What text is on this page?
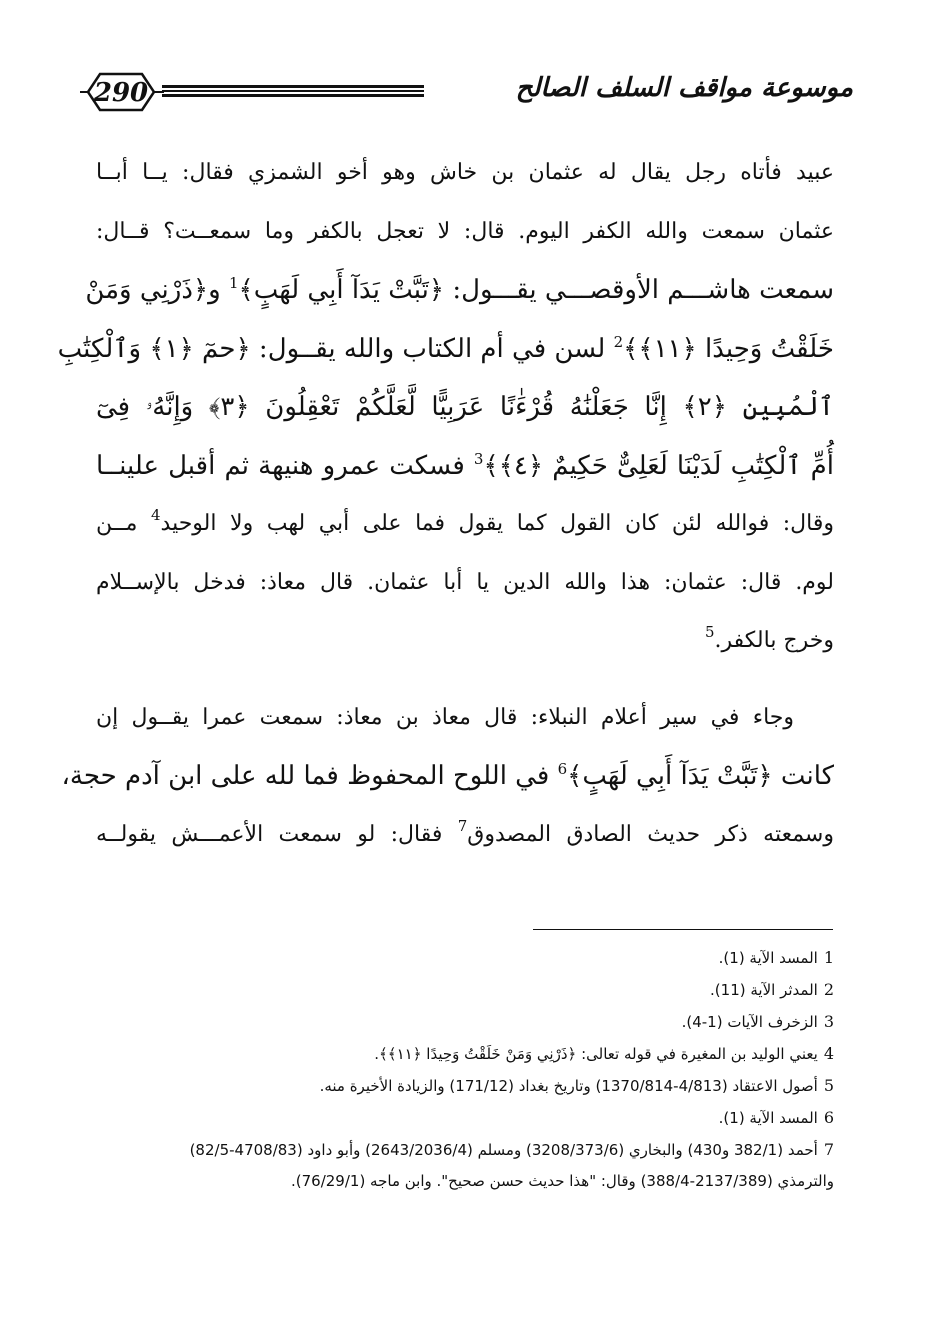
290	موسوعة مواقف السلف الصالح
عبيد فأتاه رجل يقال له عثمان بن خاش وهو أخو الشمزي فقال: يــا أبــا
عثمان سمعت والله الكفر اليوم. قال: لا تعجل بالكفر وما سمعــت؟ قــال:
سمعت هاشـــم الأوقصـــي يقـــول: ﴿تَبَّتْ يَدَآ أَبِي لَهَبٍ﴾$^1$ و﴿ذَرْنِي وَمَنْ
خَلَقْتُ وَحِيدًا ﴿١١﴾﴾$^2$ لسن في أم الكتاب والله يقــول: ﴿حمٓ ﴿١﴾ وَٱلْكِتَٰبِ
ٱلْمُبِينِ ﴿٢﴾ إِنَّا جَعَلْنَٰهُ قُرْءَٰنًا عَرَبِيًّا لَّعَلَّكُمْ تَعْقِلُونَ ﴿٣﴾ وَإِنَّهُۥ فِىٓ
أُمِّ ٱلْكِتَٰبِ لَدَيْنَا لَعَلِىٌّ حَكِيمٌ ﴿٤﴾﴾$^3$ فسكت عمرو هنيهة ثم أقبل علينــا
وقال: فوالله لئن كان القول كما يقول فما على أبي لهب ولا الوحيد$^4$ مــن
لوم. قال: عثمان: هذا والله الدين يا أبا عثمان. قال معاذ: فدخل بالإســلام
وخرج بالكفر.$^5$
وجاء في سير أعلام النبلاء: قال معاذ بن معاذ: سمعت عمرا يقــول إن
كانت ﴿تَبَّتْ يَدَآ أَبِي لَهَبٍ﴾$^6$ في اللوح المحفوظ فما لله على ابن آدم حجة،
وسمعته ذكر حديث الصادق المصدوق$^7$ فقال: لو سمعت الأعمـــش يقولــه
1المسد الآية (1).
2المدثر الآية (11).
3الزخرف الآيات (1-4).
4يعني الوليد بن المغيرة في قوله تعالى: ﴿ذَرْنِي وَمَنْ خَلَقْتُ وَحِيدًا ﴿١١﴾﴾.
5أصول الاعتقاد (4/813-1370/814) وتاريخ بغداد (171/12) والزيادة الأخيرة منه.
6المسد الآية (1).
7أحمد (382/1 و430) والبخاري (3208/373/6) ومسلم (2643/2036/4) وأبو داود (4708/83-82/5)
والترمذي (2137/389-388/4) وقال: "هذا حديث حسن صحيح". وابن ماجه (76/29/1).
